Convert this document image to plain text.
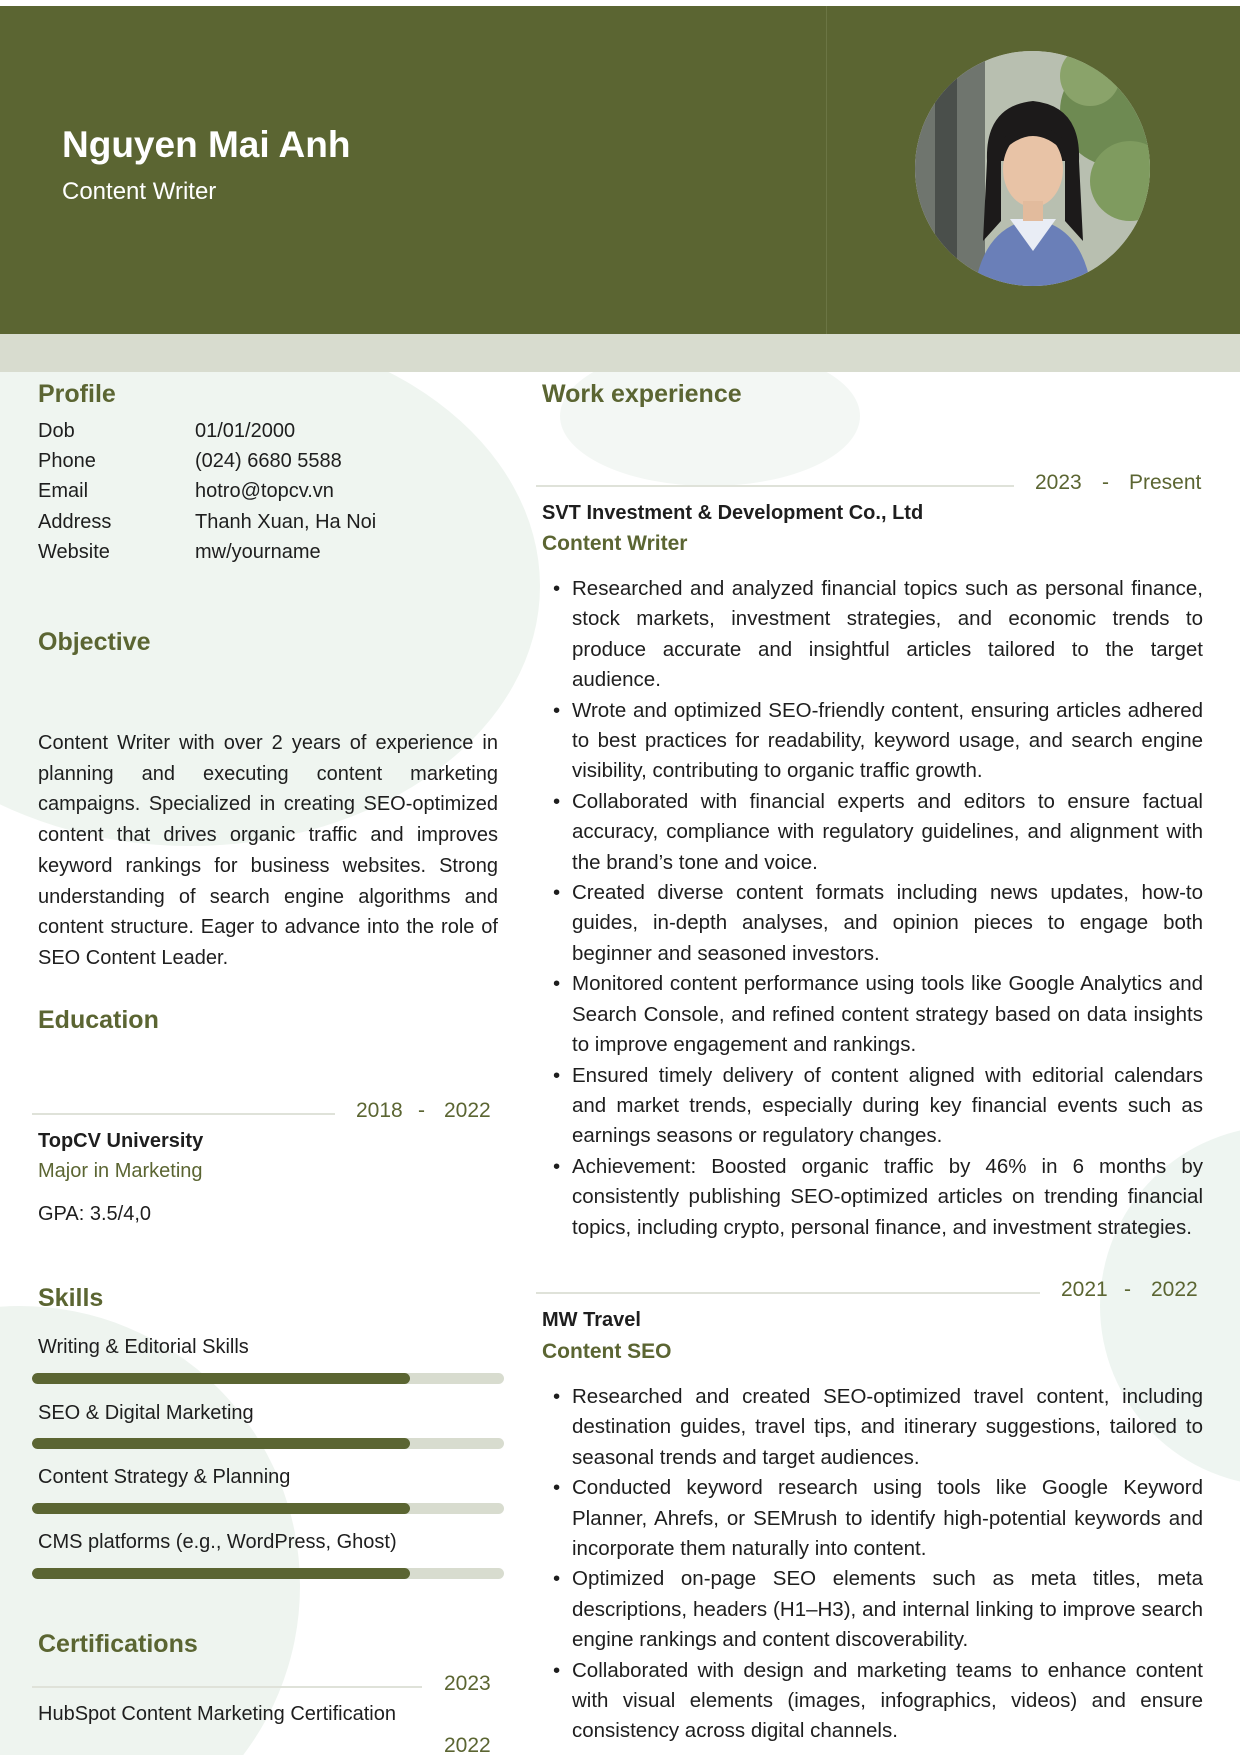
Nguyen Mai Anh
Content Writer
Profile
Dob	01/01/2000
Phone	(024) 6680 5588
Email	hotro@topcv.vn
Address	Thanh Xuan, Ha Noi
Website	mw/yourname
Objective
Content Writer with over 2 years of experience in planning and executing content marketing campaigns. Specialized in creating SEO-optimized content that drives organic traffic and improves keyword rankings for business websites. Strong understanding of search engine algorithms and content structure. Eager to advance into the role of SEO Content Leader.
Education
2018 - 2022
TopCV University
Major in Marketing
GPA: 3.5/4,0
Skills
Writing & Editorial Skills
SEO & Digital Marketing
Content Strategy & Planning
CMS platforms (e.g., WordPress, Ghost)
Certifications
2023
HubSpot Content Marketing Certification
2022
Work experience
2023 - Present
SVT Investment & Development Co., Ltd
Content Writer
• Researched and analyzed financial topics such as personal finance, stock markets, investment strategies, and economic trends to produce accurate and insightful articles tailored to the target audience.
• Wrote and optimized SEO-friendly content, ensuring articles adhered to best practices for readability, keyword usage, and search engine visibility, contributing to organic traffic growth.
• Collaborated with financial experts and editors to ensure factual accuracy, compliance with regulatory guidelines, and alignment with the brand’s tone and voice.
• Created diverse content formats including news updates, how-to guides, in-depth analyses, and opinion pieces to engage both beginner and seasoned investors.
• Monitored content performance using tools like Google Analytics and Search Console, and refined content strategy based on data insights to improve engagement and rankings.
• Ensured timely delivery of content aligned with editorial calendars and market trends, especially during key financial events such as earnings seasons or regulatory changes.
• Achievement: Boosted organic traffic by 46% in 6 months by consistently publishing SEO-optimized articles on trending financial topics, including crypto, personal finance, and investment strategies.
2021 - 2022
MW Travel
Content SEO
• Researched and created SEO-optimized travel content, including destination guides, travel tips, and itinerary suggestions, tailored to seasonal trends and target audiences.
• Conducted keyword research using tools like Google Keyword Planner, Ahrefs, or SEMrush to identify high-potential keywords and incorporate them naturally into content.
• Optimized on-page SEO elements such as meta titles, meta descriptions, headers (H1–H3), and internal linking to improve search engine rankings and content discoverability.
• Collaborated with design and marketing teams to enhance content with visual elements (images, infographics, videos) and ensure consistency across digital channels.
